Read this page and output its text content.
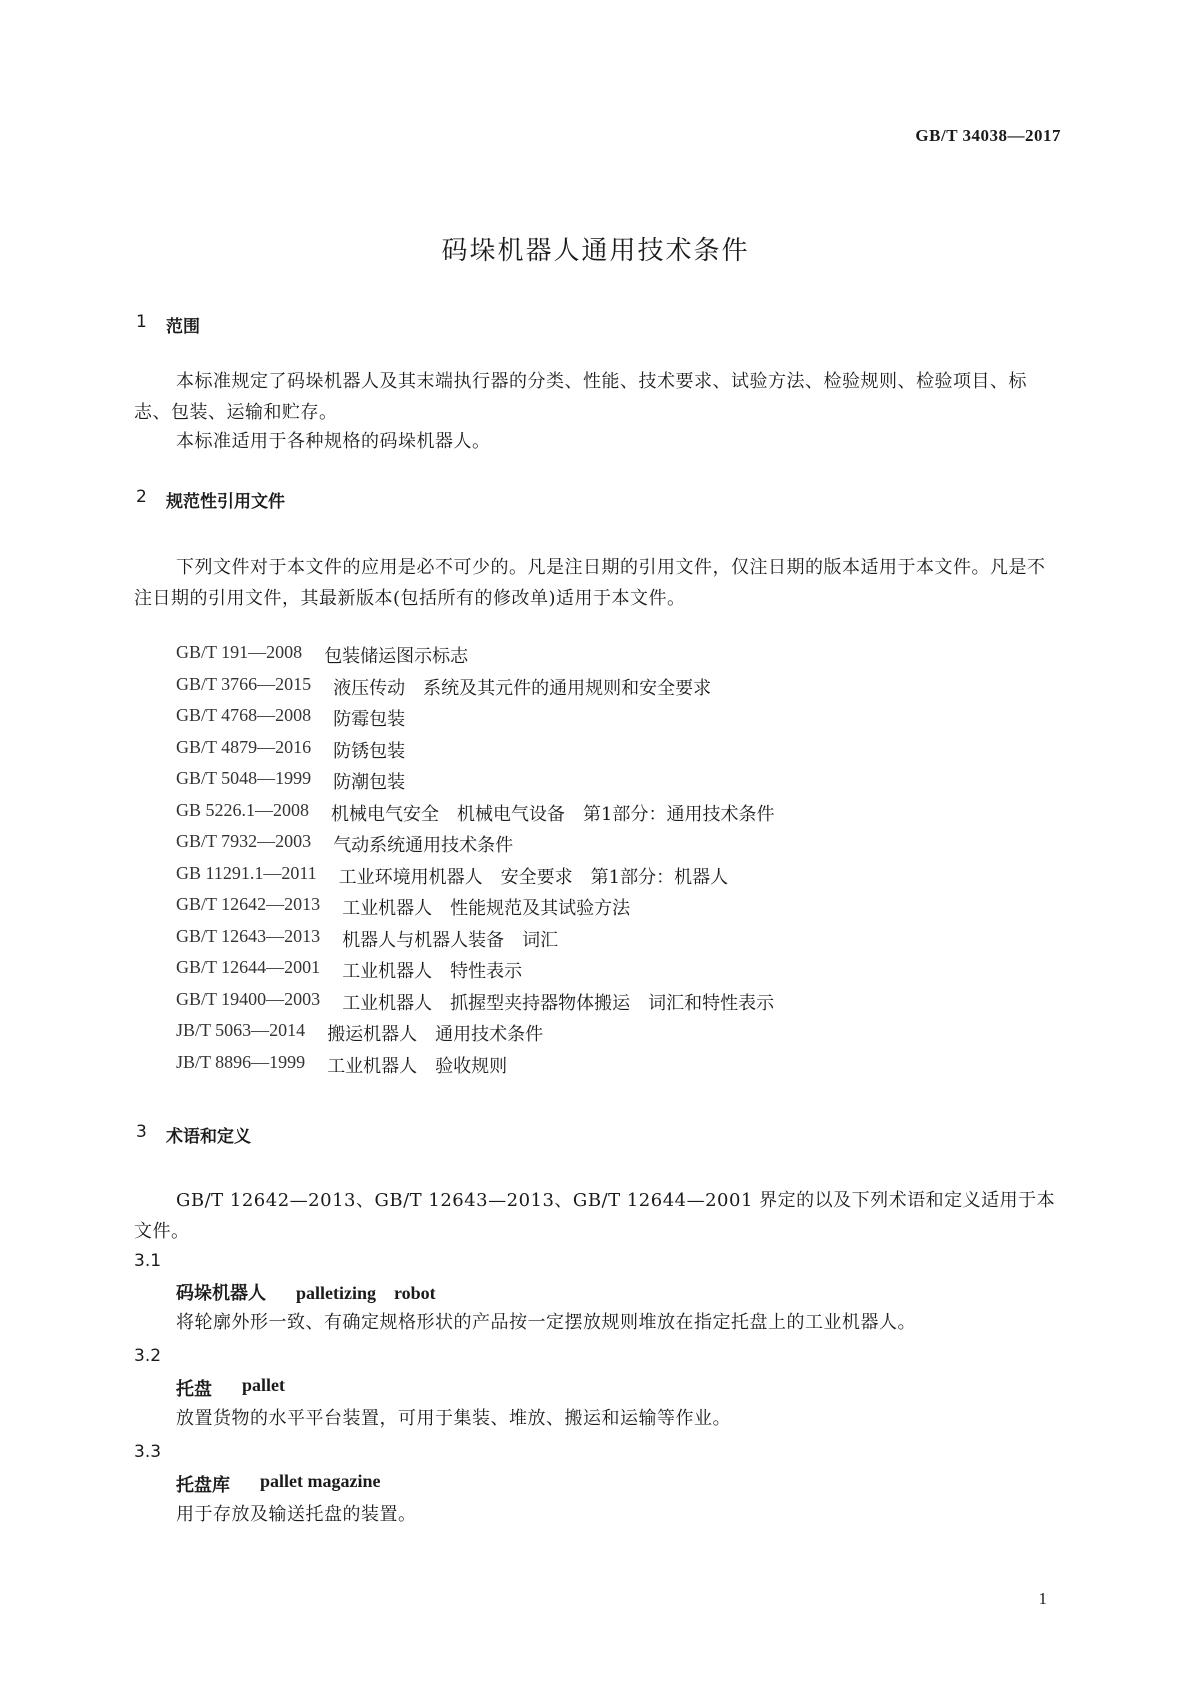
GB/T 34038—2017
码垛机器人通用技术条件
1	范围

本标准规定了码垛机器人及其末端执行器的分类、性能、技术要求、试验方法、检验规则、检验项目、标志、包装、运输和贮存。

本标准适用于各种规格的码垛机器人。

2	规范性引用文件

下列文件对于本文件的应用是必不可少的。凡是注日期的引用文件，仅注日期的版本适用于本文件。凡是不注日期的引用文件，其最新版本(包括所有的修改单)适用于本文件。

GB/T 191—2008 包装储运图示标志
GB/T 3766—2015 液压传动　系统及其元件的通用规则和安全要求
GB/T 4768—2008 防霉包装
GB/T 4879—2016 防锈包装
GB/T 5048—1999 防潮包装
GB 5226.1—2008 机械电气安全　机械电气设备　第1部分：通用技术条件
GB/T 7932—2003 气动系统通用技术条件
GB 11291.1—2011 工业环境用机器人　安全要求　第1部分：机器人
GB/T 12642—2013 工业机器人　性能规范及其试验方法
GB/T 12643—2013 机器人与机器人装备　词汇
GB/T 12644—2001 工业机器人　特性表示
GB/T 19400—2003 工业机器人　抓握型夹持器物体搬运　词汇和特性表示
JB/T 5063—2014 搬运机器人　通用技术条件
JB/T 8896—1999 工业机器人　验收规则
3	术语和定义

GB/T 12642—2013、GB/T 12643—2013、GB/T 12644—2001 界定的以及下列术语和定义适用于本文件。

3.1
码垛机器人 palletizing　robot
将轮廓外形一致、有确定规格形状的产品按一定摆放规则堆放在指定托盘上的工业机器人。
3.2
托盘 pallet
放置货物的水平平台装置，可用于集装、堆放、搬运和运输等作业。
3.3
托盘库 pallet magazine
用于存放及输送托盘的装置。
1
